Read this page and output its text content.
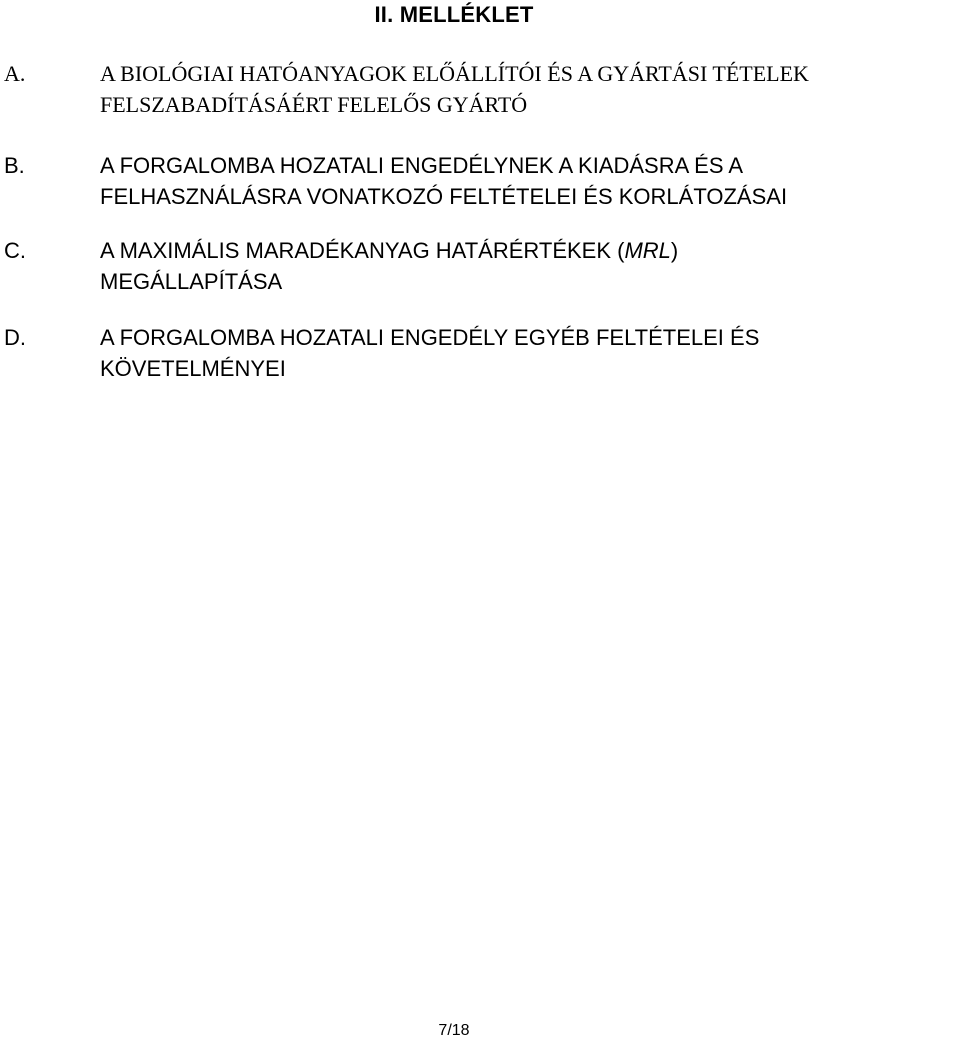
II. MELLÉKLET
A.	A BIOLÓGIAI HATÓANYAGOK ELŐÁLLÍTÓI ÉS A GYÁRTÁSI TÉTELEK
FELSZABADÍTÁSÁÉRT FELELŐS GYÁRTÓ
B.	A FORGALOMBA HOZATALI ENGEDÉLYNEK A KIADÁSRA ÉS A
FELHASZNÁLÁSRA VONATKOZÓ FELTÉTELEI ÉS KORLÁTOZÁSAI
C.	A MAXIMÁLIS MARADÉKANYAG HATÁRÉRTÉKEK (MRL)
MEGÁLLAPÍTÁSA
D.	A FORGALOMBA HOZATALI ENGEDÉLY EGYÉB FELTÉTELEI ÉS
KÖVETELMÉNYEI
7/18
